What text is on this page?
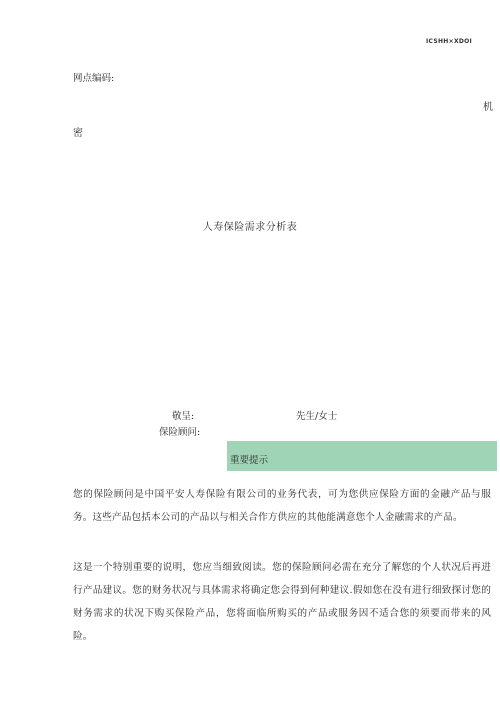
ICSHH×XDOI
网点编码:
机
密
人寿保险需求分析表
敬呈:	先生/女士
保险顾问:
重要提示
您的保险顾问是中国平安人寿保险有限公司的业务代表，可为您供应保险方面的金融产品与服务。这些产品包括本公司的产品以与相关合作方供应的其他能满意您个人金融需求的产品。
这是一个特别重要的说明，您应当细致阅读。您的保险顾问必需在充分了解您的个人状况后再进行产品建议。您的财务状况与具体需求将确定您会得到何种建议.假如您在没有进行细致探讨您的财务需求的状况下购买保险产品，您将面临所购买的产品或服务因不适合您的须要而带来的风险。
